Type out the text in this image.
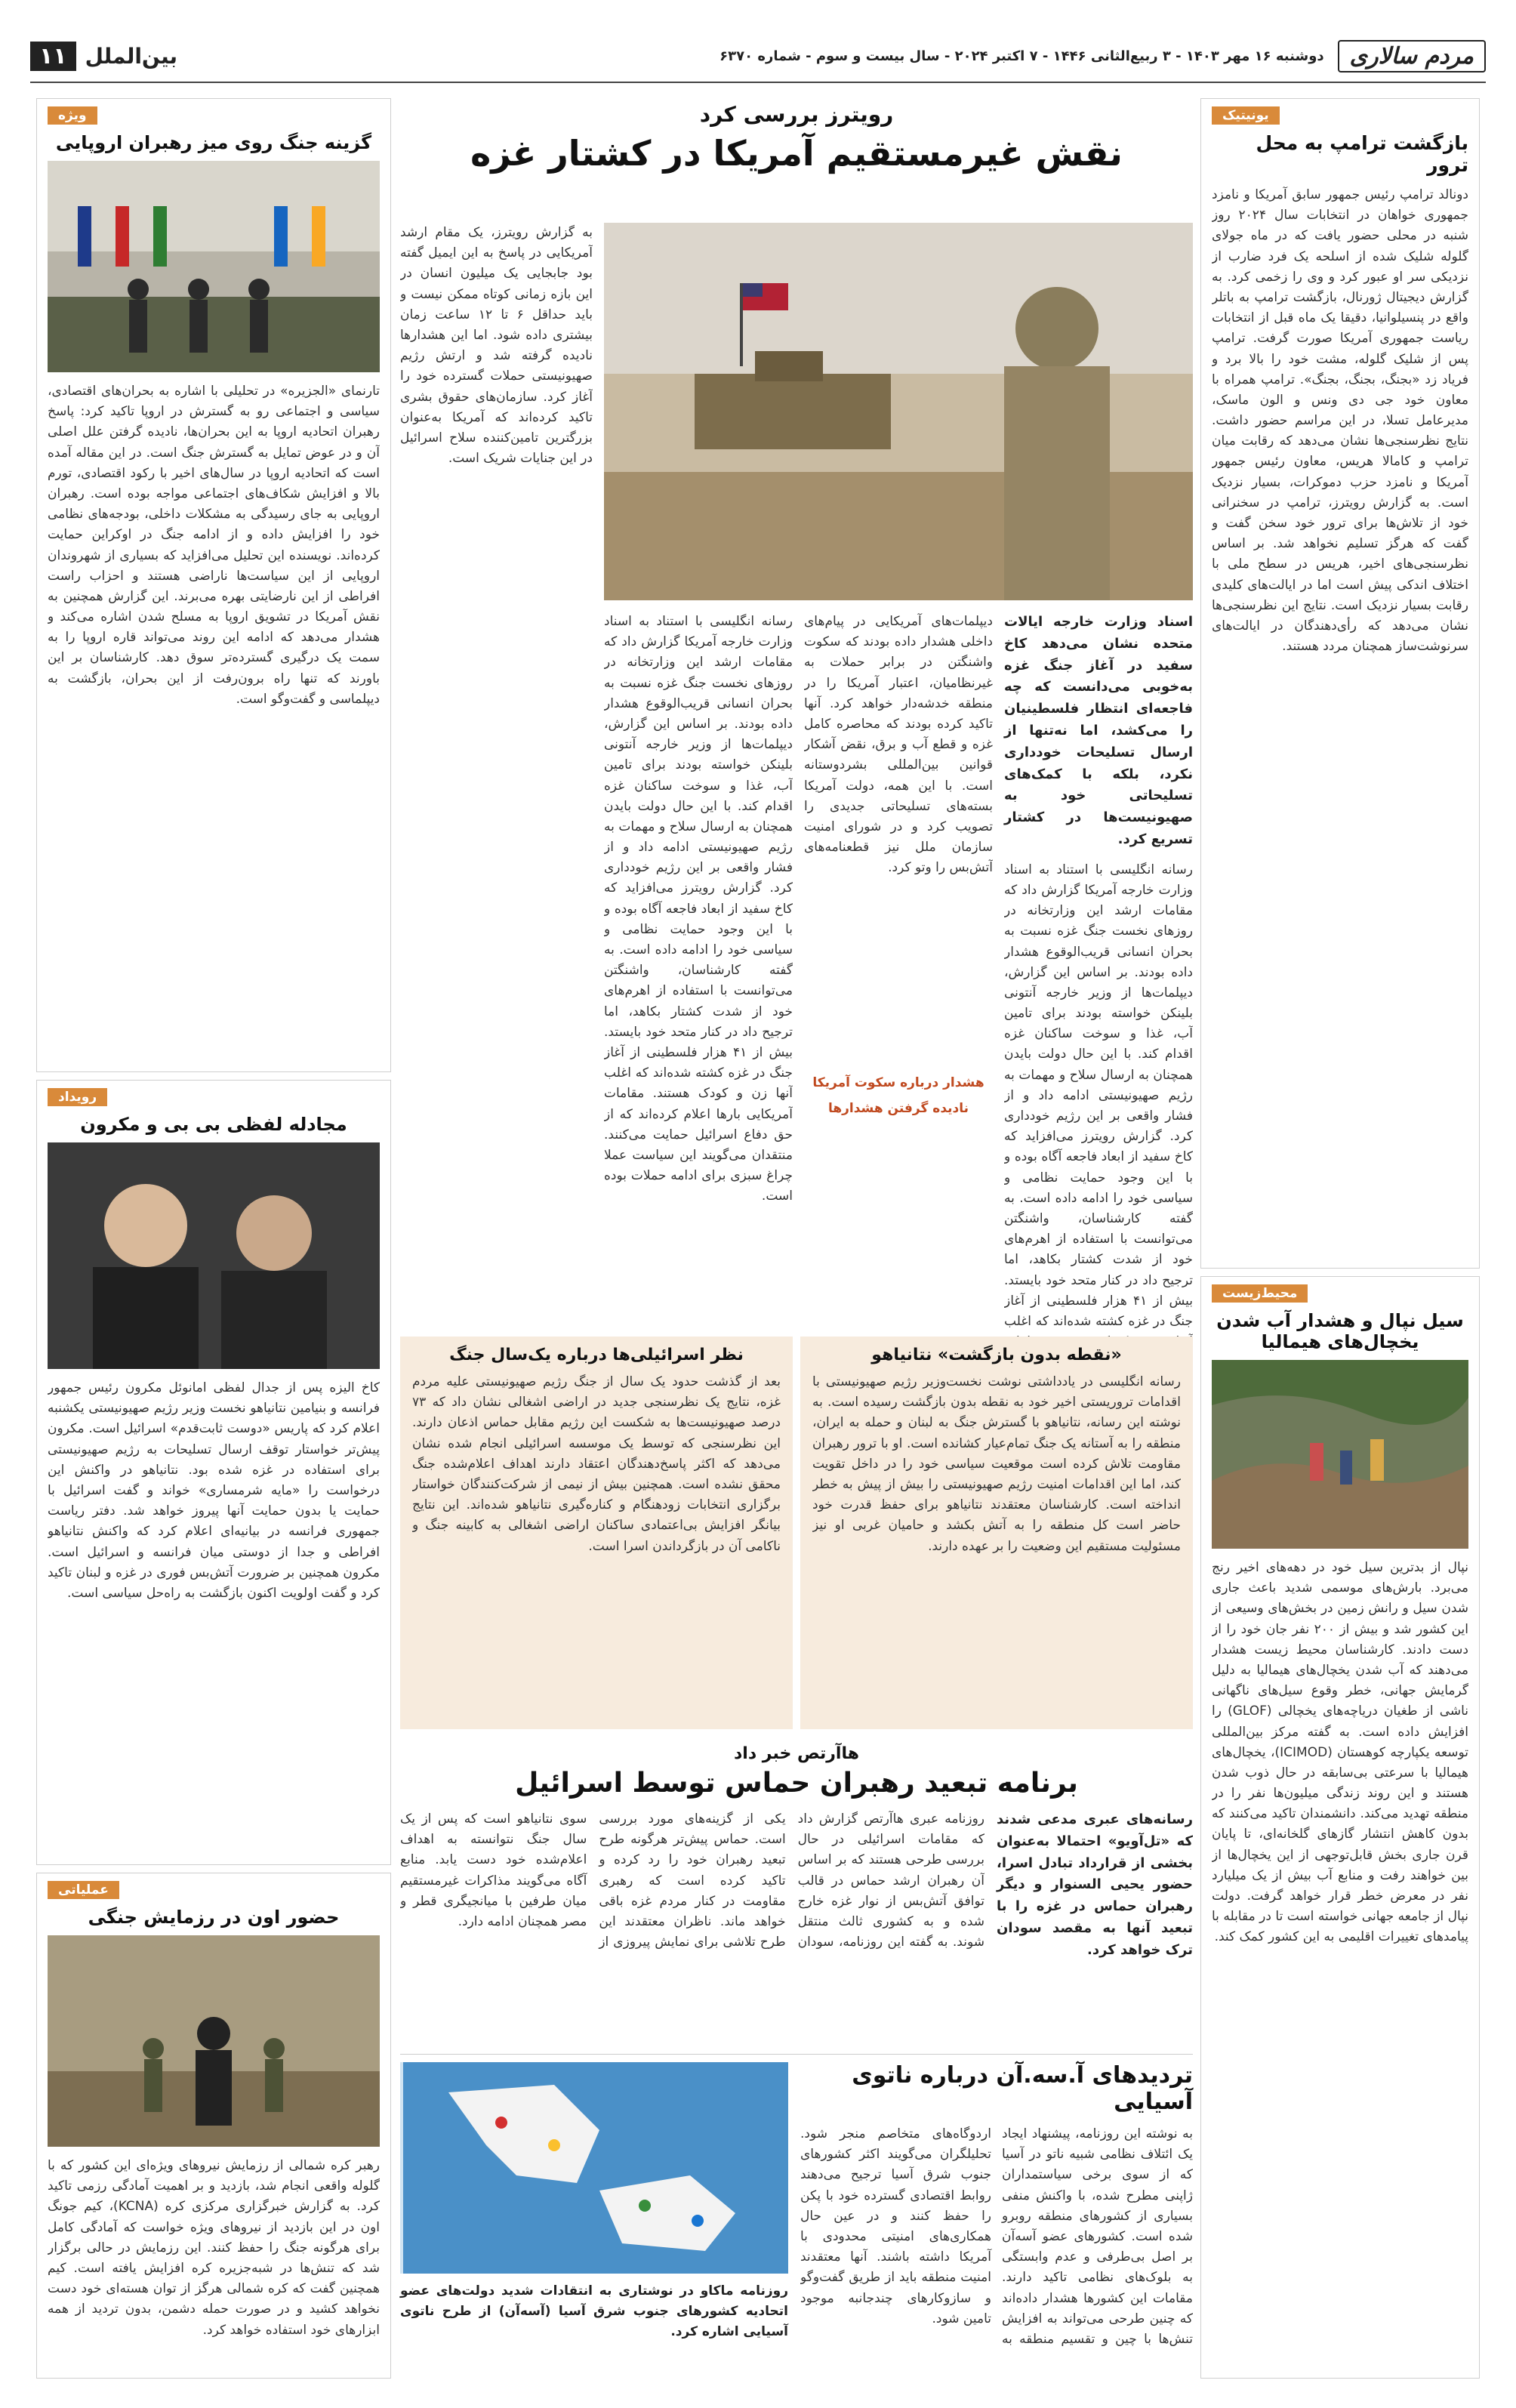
مردم سالاری
دوشنبه ۱۶ مهر ۱۴۰۳ - ۳ ربیع‌الثانی ۱۴۴۶ - ۷ اکتبر ۲۰۲۴ - سال بیست و سوم - شماره ۶۳۷۰
بین‌الملل
۱۱
یونیتیک
بازگشت ترامپ به محل ترور
دونالد ترامپ رئیس جمهور سابق آمریکا و نامزد جمهوری خواهان در انتخابات سال ۲۰۲۴ روز شنبه در محلی حضور یافت که در ماه جولای گلوله شلیک شده از اسلحه یک فرد ضارب از نزدیکی سر او عبور کرد و وی را زخمی کرد. به گزارش دیجیتال ژورنال، بازگشت ترامپ به باتلر واقع در پنسیلوانیا، دقیقا یک ماه قبل از انتخابات ریاست جمهوری آمریکا صورت گرفت. ترامپ پس از شلیک گلوله، مشت خود را بالا برد و فریاد زد «بجنگ، بجنگ، بجنگ». ترامپ همراه با معاون خود جی دی ونس و الون ماسک، مدیرعامل تسلا، در این مراسم حضور داشت. نتایج نظرسنجی‌ها نشان می‌دهد که رقابت میان ترامپ و کامالا هریس، معاون رئیس جمهور آمریکا و نامزد حزب دموکرات، بسیار نزدیک است. به گزارش رویترز، ترامپ در سخنرانی خود از تلاش‌ها برای ترور خود سخن گفت و گفت که هرگز تسلیم نخواهد شد. بر اساس نظرسنجی‌های اخیر، هریس در سطح ملی با اختلاف اندکی پیش است اما در ایالت‌های کلیدی رقابت بسیار نزدیک است. نتایج این نظرسنجی‌ها نشان می‌دهد که رأی‌دهندگان در ایالت‌های سرنوشت‌ساز همچنان مردد هستند.
محیط‌زیست
سیل نپال و هشدار آب شدن یخچال‌های هیمالیا
نپال از بدترین سیل خود در دهه‌های اخیر رنج می‌برد. بارش‌های موسمی شدید باعث جاری شدن سیل و رانش زمین در بخش‌های وسیعی از این کشور شد و بیش از ۲۰۰ نفر جان خود را از دست دادند. کارشناسان محیط زیست هشدار می‌دهند که آب شدن یخچال‌های هیمالیا به دلیل گرمایش جهانی، خطر وقوع سیل‌های ناگهانی ناشی از طغیان دریاچه‌های یخچالی (GLOF) را افزایش داده است. به گفته مرکز بین‌المللی توسعه یکپارچه کوهستان (ICIMOD)، یخچال‌های هیمالیا با سرعتی بی‌سابقه در حال ذوب شدن هستند و این روند زندگی میلیون‌ها نفر را در منطقه تهدید می‌کند. دانشمندان تاکید می‌کنند که بدون کاهش انتشار گازهای گلخانه‌ای، تا پایان قرن جاری بخش قابل‌توجهی از این یخچال‌ها از بین خواهند رفت و منابع آب بیش از یک میلیارد نفر در معرض خطر قرار خواهد گرفت. دولت نپال از جامعه جهانی خواسته است تا در مقابله با پیامدهای تغییرات اقلیمی به این کشور کمک کند.
ویژه
گزینه جنگ روی میز رهبران اروپایی
تارنمای «الجزیره» در تحلیلی با اشاره به بحران‌های اقتصادی، سیاسی و اجتماعی رو به گسترش در اروپا تاکید کرد: پاسخ رهبران اتحادیه اروپا به این بحران‌ها، نادیده گرفتن علل اصلی آن و در عوض تمایل به گسترش جنگ است. در این مقاله آمده است که اتحادیه اروپا در سال‌های اخیر با رکود اقتصادی، تورم بالا و افزایش شکاف‌های اجتماعی مواجه بوده است. رهبران اروپایی به جای رسیدگی به مشکلات داخلی، بودجه‌های نظامی خود را افزایش داده و از ادامه جنگ در اوکراین حمایت کرده‌اند. نویسنده این تحلیل می‌افزاید که بسیاری از شهروندان اروپایی از این سیاست‌ها ناراضی هستند و احزاب راست افراطی از این نارضایتی بهره می‌برند. این گزارش همچنین به نقش آمریکا در تشویق اروپا به مسلح شدن اشاره می‌کند و هشدار می‌دهد که ادامه این روند می‌تواند قاره اروپا را به سمت یک درگیری گسترده‌تر سوق دهد. کارشناسان بر این باورند که تنها راه برون‌رفت از این بحران، بازگشت به دیپلماسی و گفت‌وگو است.
رویداد
مجادله لفظی بی بی و مکرون
کاخ الیزه پس از جدال لفظی امانوئل مکرون رئیس جمهور فرانسه و بنیامین نتانیاهو نخست وزیر رژیم صهیونیستی یکشنبه اعلام کرد که پاریس «دوست ثابت‌قدم» اسرائیل است. مکرون پیش‌تر خواستار توقف ارسال تسلیحات به رژیم صهیونیستی برای استفاده در غزه شده بود. نتانیاهو در واکنش این درخواست را «مایه شرمساری» خواند و گفت اسرائیل با حمایت یا بدون حمایت آنها پیروز خواهد شد. دفتر ریاست جمهوری فرانسه در بیانیه‌ای اعلام کرد که واکنش نتانیاهو افراطی و جدا از دوستی میان فرانسه و اسرائیل است. مکرون همچنین بر ضرورت آتش‌بس فوری در غزه و لبنان تاکید کرد و گفت اولویت اکنون بازگشت به راه‌حل سیاسی است.
عملیاتی
حضور اون در رزمایش جنگی
رهبر کره شمالی از رزمایش نیروهای ویژه‌ای این کشور که با گلوله واقعی انجام شد، بازدید و بر اهمیت آمادگی رزمی تاکید کرد. به گزارش خبرگزاری مرکزی کره (KCNA)، کیم جونگ اون در این بازدید از نیروهای ویژه خواست که آمادگی کامل برای هرگونه جنگ را حفظ کنند. این رزمایش در حالی برگزار شد که تنش‌ها در شبه‌جزیره کره افزایش یافته است. کیم همچنین گفت که کره شمالی هرگز از توان هسته‌ای خود دست نخواهد کشید و در صورت حمله دشمن، بدون تردید از همه ابزارهای خود استفاده خواهد کرد.
رویترز بررسی کرد
نقش غیرمستقیم آمریکا در کشتار غزه
به گزارش رویترز، یک مقام ارشد آمریکایی در پاسخ به این ایمیل گفته بود جابجایی یک میلیون انسان در این بازه زمانی کوتاه ممکن نیست و باید حداقل ۶ تا ۱۲ ساعت زمان بیشتری داده شود. اما این هشدارها نادیده گرفته شد و ارتش رژیم صهیونیستی حملات گسترده خود را آغاز کرد. سازمان‌های حقوق بشری تاکید کرده‌اند که آمریکا به‌عنوان بزرگترین تامین‌کننده سلاح اسرائیل در این جنایات شریک است.
رسانه انگلیسی با استناد به اسناد وزارت خارجه آمریکا گزارش داد که مقامات ارشد این وزارتخانه در روزهای نخست جنگ غزه نسبت به بحران انسانی قریب‌الوقوع هشدار داده بودند. بر اساس این گزارش، دیپلمات‌ها از وزیر خارجه آنتونی بلینکن خواسته بودند برای تامین آب، غذا و سوخت ساکنان غزه اقدام کند. با این حال دولت بایدن همچنان به ارسال سلاح و مهمات به رژیم صهیونیستی ادامه داد و از فشار واقعی بر این رژیم خودداری کرد. گزارش رویترز می‌افزاید که کاخ سفید از ابعاد فاجعه آگاه بوده و با این وجود حمایت نظامی و سیاسی خود را ادامه داده است. به گفته کارشناسان، واشنگتن می‌توانست با استفاده از اهرم‌های خود از شدت کشتار بکاهد، اما ترجیح داد در کنار متحد خود بایستد. بیش از ۴۱ هزار فلسطینی از آغاز جنگ در غزه کشته شده‌اند که اغلب آنها زن و کودک هستند. مقامات آمریکایی بارها اعلام کرده‌اند که از حق دفاع اسرائیل حمایت می‌کنند. منتقدان می‌گویند این سیاست عملا چراغ سبزی برای ادامه حملات بوده است.
دیپلمات‌های آمریکایی در پیام‌های داخلی هشدار داده بودند که سکوت واشنگتن در برابر حملات به غیرنظامیان، اعتبار آمریکا را در منطقه خدشه‌دار خواهد کرد. آنها تاکید کرده بودند که محاصره کامل غزه و قطع آب و برق، نقض آشکار قوانین بین‌المللی بشردوستانه است. با این همه، دولت آمریکا بسته‌های تسلیحاتی جدیدی را تصویب کرد و در شورای امنیت سازمان ملل نیز قطعنامه‌های آتش‌بس را وتو کرد.
هشدار درباره سکوت آمریکا
نادیده گرفتن هشدارها
اسناد وزارت خارجه ایالات متحده نشان می‌دهد کاخ سفید در آغاز جنگ غزه به‌خوبی می‌دانست که چه فاجعه‌ای انتظار فلسطینیان را می‌کشد، اما نه‌تنها از ارسال تسلیحات خودداری نکرد، بلکه با کمک‌های تسلیحاتی خود به صهیونیست‌ها در کشتار تسریع کرد.
رسانه انگلیسی با استناد به اسناد وزارت خارجه آمریکا گزارش داد که مقامات ارشد این وزارتخانه در روزهای نخست جنگ غزه نسبت به بحران انسانی قریب‌الوقوع هشدار داده بودند. بر اساس این گزارش، دیپلمات‌ها از وزیر خارجه آنتونی بلینکن خواسته بودند برای تامین آب، غذا و سوخت ساکنان غزه اقدام کند. با این حال دولت بایدن همچنان به ارسال سلاح و مهمات به رژیم صهیونیستی ادامه داد و از فشار واقعی بر این رژیم خودداری کرد. گزارش رویترز می‌افزاید که کاخ سفید از ابعاد فاجعه آگاه بوده و با این وجود حمایت نظامی و سیاسی خود را ادامه داده است. به گفته کارشناسان، واشنگتن می‌توانست با استفاده از اهرم‌های خود از شدت کشتار بکاهد، اما ترجیح داد در کنار متحد خود بایستد. بیش از ۴۱ هزار فلسطینی از آغاز جنگ در غزه کشته شده‌اند که اغلب
«نقطه بدون بازگشت» نتانیاهو
رسانه انگلیسی در یادداشتی نوشت نخست‌وزیر رژیم صهیونیستی با اقدامات تروریستی اخیر خود به نقطه بدون بازگشت رسیده است. به نوشته این رسانه، نتانیاهو با گسترش جنگ به لبنان و حمله به ایران، منطقه را به آستانه یک جنگ تمام‌عیار کشانده است. او با ترور رهبران مقاومت تلاش کرده است موقعیت سیاسی خود را در داخل تقویت کند، اما این اقدامات امنیت رژیم صهیونیستی را بیش از پیش به خطر انداخته است. کارشناسان معتقدند نتانیاهو برای حفظ قدرت خود حاضر است کل منطقه را به آتش بکشد و حامیان غربی او نیز مسئولیت مستقیم این وضعیت را بر عهده دارند.
نظر اسرائیلی‌ها درباره یک‌سال جنگ
بعد از گذشت حدود یک سال از جنگ رژیم صهیونیستی علیه مردم غزه، نتایج یک نظرسنجی جدید در اراضی اشغالی نشان داد که ۷۳ درصد صهیونیست‌ها به شکست این رژیم مقابل حماس اذعان دارند. این نظرسنجی که توسط یک موسسه اسرائیلی انجام شده نشان می‌دهد که اکثر پاسخ‌دهندگان اعتقاد دارند اهداف اعلام‌شده جنگ محقق نشده است. همچنین بیش از نیمی از شرکت‌کنندگان خواستار برگزاری انتخابات زودهنگام و کناره‌گیری نتانیاهو شده‌اند. این نتایج بیانگر افزایش بی‌اعتمادی ساکنان اراضی اشغالی به کابینه جنگ و ناکامی آن در بازگرداندن اسرا است.
هاآرتص خبر داد
برنامه تبعید رهبران حماس توسط اسرائیل
رسانه‌های عبری مدعی شدند که «تل‌آویو» احتمالا به‌عنوان بخشی از قرارداد تبادل اسرا، حضور یحیی السنوار و دیگر رهبران حماس در غزه را با تبعید آنها به مقصد سودان ترک خواهد کرد.
روزنامه عبری هاآرتص گزارش داد که مقامات اسرائیلی در حال بررسی طرحی هستند که بر اساس آن رهبران ارشد حماس در قالب توافق آتش‌بس از نوار غزه خارج شده و به کشوری ثالث منتقل شوند. به گفته این روزنامه، سودان یکی از گزینه‌های مورد بررسی است. حماس پیش‌تر هرگونه طرح تبعید رهبران خود را رد کرده و تاکید کرده است که رهبری مقاومت در کنار مردم غزه باقی خواهد ماند. ناظران معتقدند این طرح تلاشی برای نمایش پیروزی از سوی نتانیاهو است که پس از یک سال جنگ نتوانسته به اهداف اعلام‌شده خود دست یابد. منابع آگاه می‌گویند مذاکرات غیرمستقیم میان طرفین با میانجیگری قطر و مصر همچنان ادامه دارد.
تردیدهای آ.سه.آن درباره ناتوی آسیایی
به نوشته این روزنامه، پیشنهاد ایجاد یک ائتلاف نظامی شبیه ناتو در آسیا که از سوی برخی سیاستمداران ژاپنی مطرح شده، با واکنش منفی بسیاری از کشورهای منطقه روبرو شده است. کشورهای عضو آسه‌آن بر اصل بی‌طرفی و عدم وابستگی به بلوک‌های نظامی تاکید دارند. مقامات این کشورها هشدار داده‌اند که چنین طرحی می‌تواند به افزایش تنش‌ها با چین و تقسیم منطقه به اردوگاه‌های متخاصم منجر شود. تحلیلگران می‌گویند اکثر کشورهای جنوب شرق آسیا ترجیح می‌دهند روابط اقتصادی گسترده خود با پکن را حفظ کنند و در عین حال همکاری‌های امنیتی محدودی با آمریکا داشته باشند. آنها معتقدند امنیت منطقه باید از طریق گفت‌وگو و سازوکارهای چندجانبه موجود تامین شود.
روزنامه ماکاو در نوشتاری به انتقادات شدید دولت‌های عضو اتحادیه کشورهای جنوب شرق آسیا (آسه‌آن) از طرح ناتوی آسیایی اشاره کرد.
